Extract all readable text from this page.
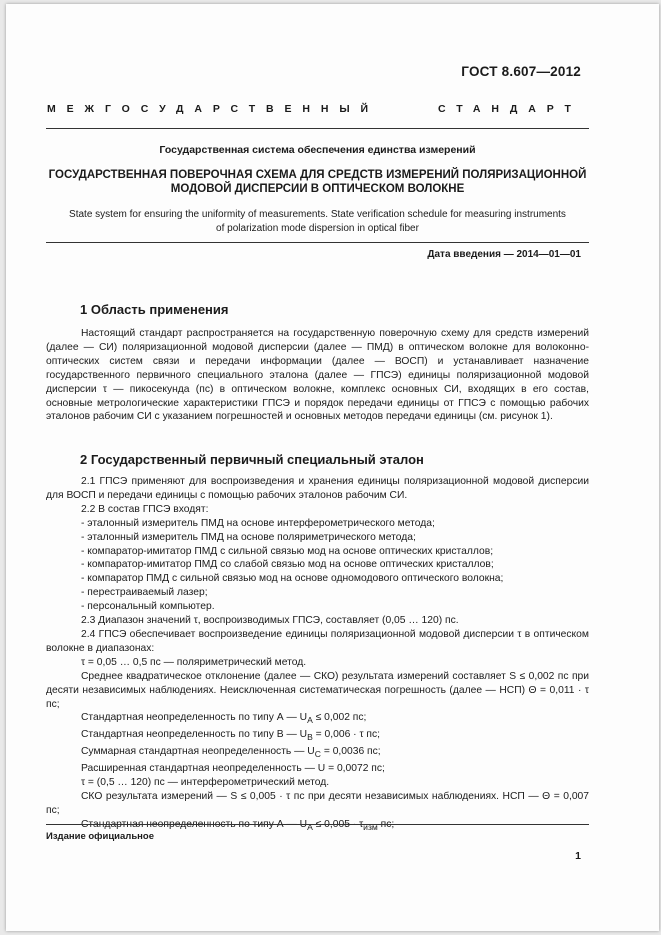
ГОСТ 8.607—2012
МЕЖГОСУДАРСТВЕННЫЙ	СТАНДАРТ
Государственная система обеспечения единства измерений
ГОСУДАРСТВЕННАЯ ПОВЕРОЧНАЯ СХЕМА ДЛЯ СРЕДСТВ ИЗМЕРЕНИЙ ПОЛЯРИЗАЦИОННОЙ
МОДОВОЙ ДИСПЕРСИИ В ОПТИЧЕСКОМ ВОЛОКНЕ
State system for ensuring the uniformity of measurements. State verification schedule for measuring instruments
of polarization mode dispersion in optical fiber
Дата введения — 2014—01—01
1 Область применения

Настоящий стандарт распространяется на государственную поверочную схему для средств измерений (далее — СИ) поляризационной модовой дисперсии (далее — ПМД) в оптическом волокне для волоконно-оптических систем связи и передачи информации (далее — ВОСП) и устанавливает назначение государственного первичного специального эталона (далее — ГПСЭ) единицы поляризационной модовой дисперсии τ — пикосекунда (пс) в оптическом волокне, комплекс основных СИ, входящих в его состав, основные метрологические характеристики ГПСЭ и порядок передачи единицы от ГПСЭ с помощью рабочих эталонов рабочим СИ с указанием погрешностей и основных методов передачи единицы (см. рисунок 1).

2 Государственный первичный специальный эталон

2.1 ГПСЭ применяют для воспроизведения и хранения единицы поляризационной модовой дисперсии для ВОСП и передачи единицы с помощью рабочих эталонов рабочим СИ.

2.2 В состав ГПСЭ входят:

- эталонный измеритель ПМД на основе интерферометрического метода;

- эталонный измеритель ПМД на основе поляриметрического метода;

- компаратор-имитатор ПМД с сильной связью мод на основе оптических кристаллов;

- компаратор-имитатор ПМД со слабой связью мод на основе оптических кристаллов;

- компаратор ПМД с сильной связью мод на основе одномодового оптического волокна;

- перестраиваемый лазер;

- персональный компьютер.

2.3 Диапазон значений τ, воспроизводимых ГПСЭ, составляет (0,05 … 120) пс.

2.4 ГПСЭ обеспечивает воспроизведение единицы поляризационной модовой дисперсии τ в оптическом волокне в диапазонах:

τ = 0,05 … 0,5 пс — поляриметрический метод.

Среднее квадратическое отклонение (далее — СКО) результата измерений составляет S ≤ 0,002 пс при десяти независимых наблюдениях. Неисключенная систематическая погрешность (далее — НСП) Θ = 0,011 · τ пс;

Стандартная неопределенность по типу А — $U_A \le 0,002$ пс;

Стандартная неопределенность по типу В — $U_B = 0,006 \cdot \tau$ пс;

Суммарная стандартная неопределенность — $U_C = 0,0036$ пс;

Расширенная стандартная неопределенность — U = 0,0072 пс;

τ = (0,5 … 120) пс — интерферометрический метод.

СКО результата измерений — S ≤ 0,005 · τ пс при десяти независимых наблюдениях. НСП — Θ = 0,007 пс;

Стандартная неопределенность по типу А — $U_A \le 0,005 \cdot \tau_{изм}$ пс;

Издание официальное
1
